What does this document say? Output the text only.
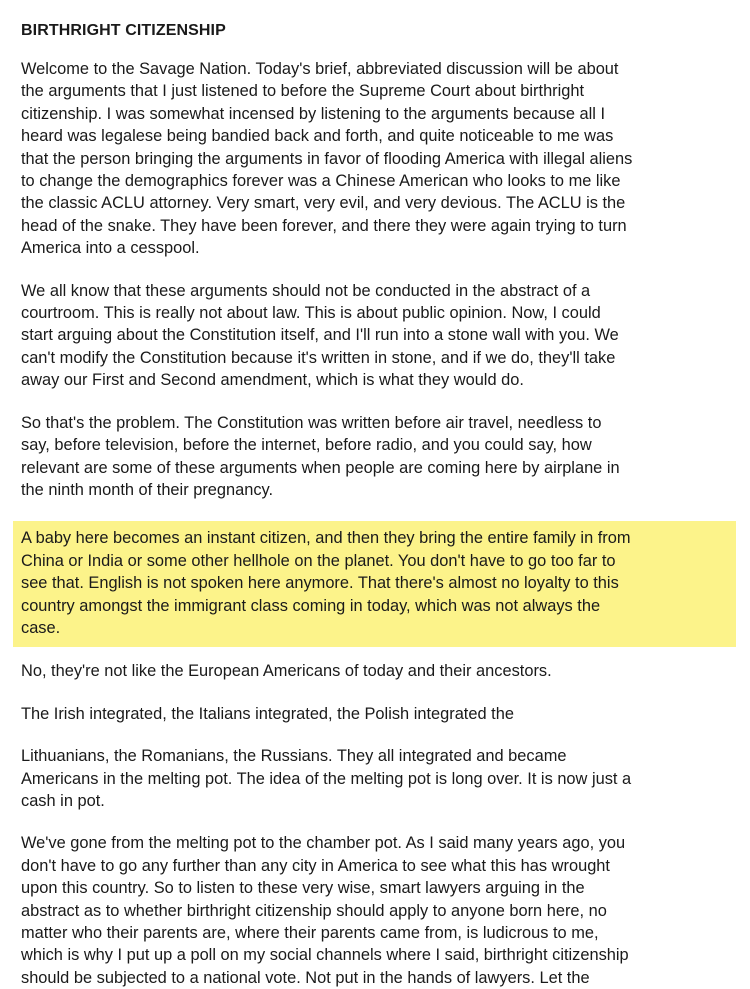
BIRTHRIGHT CITIZENSHIP
Welcome to the Savage Nation. Today's brief, abbreviated discussion will be about
the arguments that I just listened to before the Supreme Court about birthright
citizenship. I was somewhat incensed by listening to the arguments because all I
heard was legalese being bandied back and forth, and quite noticeable to me was
that the person bringing the arguments in favor of flooding America with illegal aliens
to change the demographics forever was a Chinese American who looks to me like
the classic ACLU attorney. Very smart, very evil, and very devious. The ACLU is the
head of the snake. They have been forever, and there they were again trying to turn
America into a cesspool.
We all know that these arguments should not be conducted in the abstract of a
courtroom. This is really not about law. This is about public opinion. Now, I could
start arguing about the Constitution itself, and I'll run into a stone wall with you. We
can't modify the Constitution because it's written in stone, and if we do, they'll take
away our First and Second amendment, which is what they would do.
So that's the problem. The Constitution was written before air travel, needless to
say, before television, before the internet, before radio, and you could say, how
relevant are some of these arguments when people are coming here by airplane in
the ninth month of their pregnancy.
A baby here becomes an instant citizen, and then they bring the entire family in from
China or India or some other hellhole on the planet. You don't have to go too far to
see that. English is not spoken here anymore. That there's almost no loyalty to this
country amongst the immigrant class coming in today, which was not always the
case.
No, they're not like the European Americans of today and their ancestors.
The Irish integrated, the Italians integrated, the Polish integrated the
Lithuanians, the Romanians, the Russians. They all integrated and became
Americans in the melting pot. The idea of the melting pot is long over. It is now just a
cash in pot.
We've gone from the melting pot to the chamber pot. As I said many years ago, you
don't have to go any further than any city in America to see what this has wrought
upon this country. So to listen to these very wise, smart lawyers arguing in the
abstract as to whether birthright citizenship should apply to anyone born here, no
matter who their parents are, where their parents came from, is ludicrous to me,
which is why I put up a poll on my social channels where I said, birthright citizenship
should be subjected to a national vote. Not put in the hands of lawyers. Let the
